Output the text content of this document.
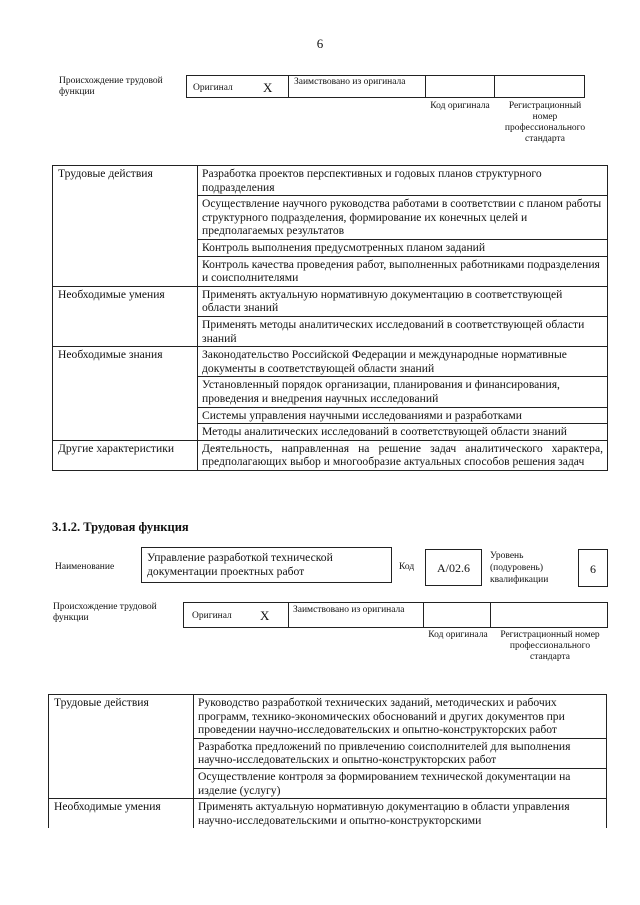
6
Происхождение трудовой функции	Оригинал X Заимствовано из оригинала
Код оригинала	Регистрационный номер профессионального стандарта
Трудовые действия	Разработка проектов перспективных и годовых планов структурного подразделения
	Осуществление научного руководства работами в соответствии с планом работы структурного подразделения, формирование их конечных целей и предполагаемых результатов
	Контроль выполнения предусмотренных планом заданий
	Контроль качества проведения работ, выполненных работниками подразделения и соисполнителями
Необходимые умения	Применять актуальную нормативную документацию в соответствующей области знаний
	Применять методы аналитических исследований в соответствующей области знаний
Необходимые знания	Законодательство Российской Федерации и международные нормативные документы в соответствующей области знаний
	Установленный порядок организации, планирования и финансирования, проведения и внедрения научных исследований
	Системы управления научными исследованиями и разработками
	Методы аналитических исследований в соответствующей области знаний
Другие характеристики	Деятельность, направленная на решение задач аналитического характера, предполагающих выбор и многообразие актуальных способов решения задач
3.1.2. Трудовая функция
Наименование
Управление разработкой технической документации проектных работ	Код	А/02.6
Уровень (подуровень) квалификации
6
Происхождение трудовой функции	Оригинал X Заимствовано из оригинала
Код оригинала	Регистрационный номер профессионального стандарта
Трудовые действия	Руководство разработкой технических заданий, методических и рабочих программ, технико-экономических обоснований и других документов при проведении научно-исследовательских и опытно-конструкторских работ
	Разработка предложений по привлечению соисполнителей для выполнения научно-исследовательских и опытно-конструкторских работ
	Осуществление контроля за формированием технической документации на изделие (услугу)
Необходимые умения	Применять актуальную нормативную документацию в области управления научно-исследовательскими и опытно-конструкторскими
